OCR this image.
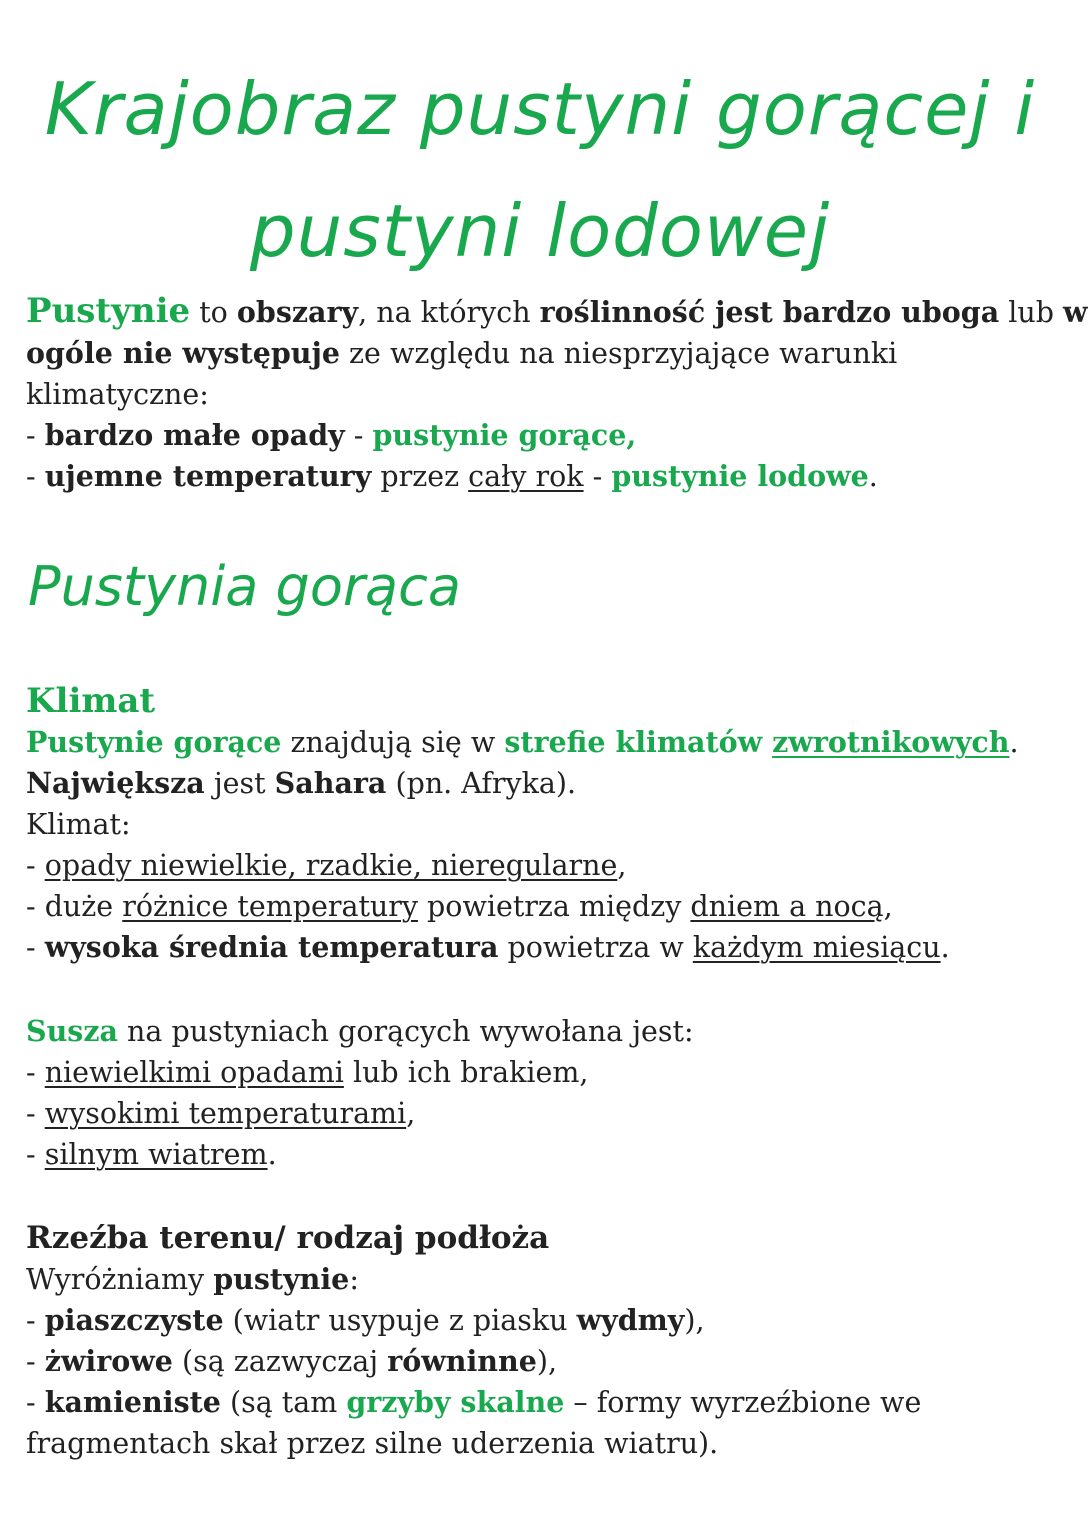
Krajobraz pustyni gorącej i
pustyni lodowej

Pustynie to obszary, na których roślinność jest bardzo uboga lub w

ogóle nie występuje ze względu na niesprzyjające warunki

klimatyczne:

- bardzo małe opady - pustynie gorące,

- ujemne temperatury przez cały rok - pustynie lodowe.

Pustynia gorąca

Klimat

Pustynie gorące znajdują się w strefie klimatów zwrotnikowych.

Największa jest Sahara (pn. Afryka).

Klimat:

- opady niewielkie, rzadkie, nieregularne,

- duże różnice temperatury powietrza między dniem a nocą,

- wysoka średnia temperatura powietrza w każdym miesiącu.

Susza na pustyniach gorących wywołana jest:

- niewielkimi opadami lub ich brakiem,

- wysokimi temperaturami,

- silnym wiatrem.

Rzeźba terenu/ rodzaj podłoża

Wyróżniamy pustynie:

- piaszczyste (wiatr usypuje z piasku wydmy),

- żwirowe (są zazwyczaj równinne),

- kamieniste (są tam grzyby skalne – formy wyrzeźbione we

fragmentach skał przez silne uderzenia wiatru).
